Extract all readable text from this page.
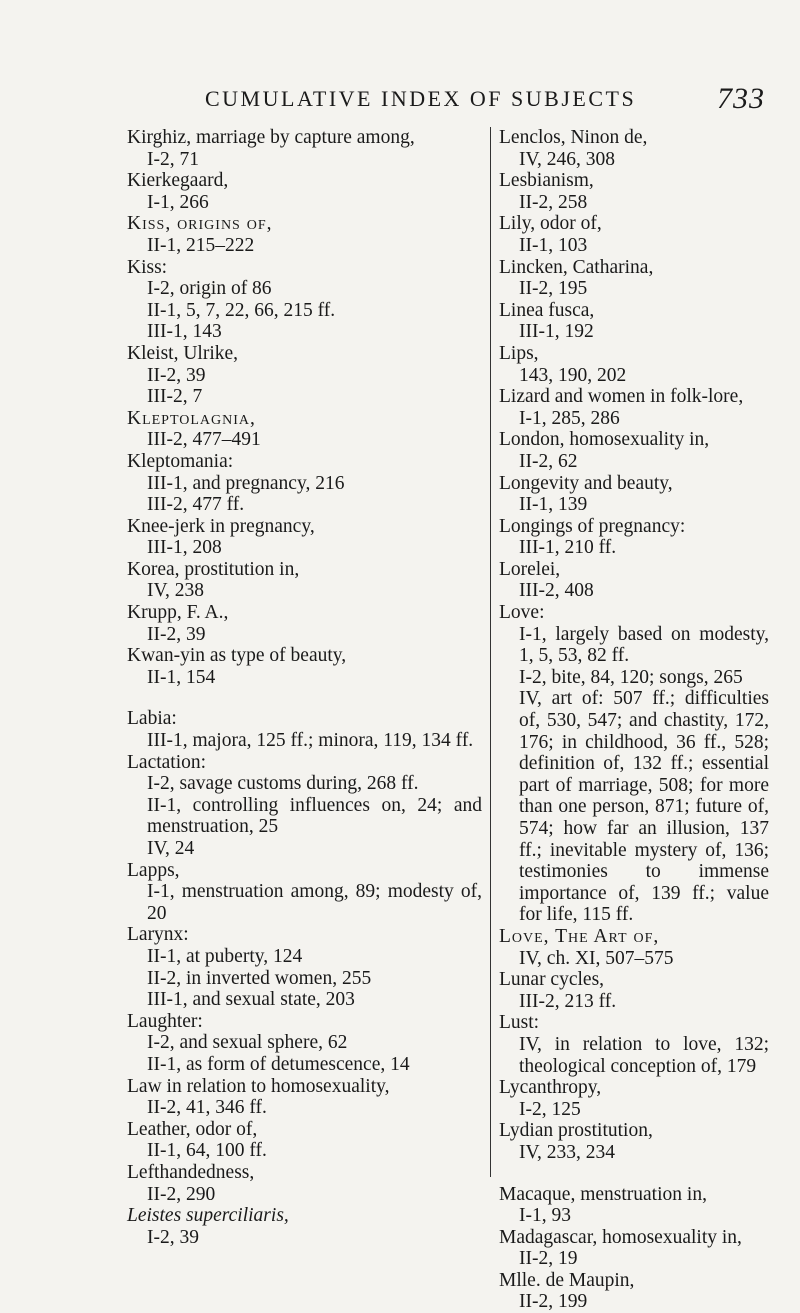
CUMULATIVE INDEX OF SUBJECTS	733
Kirghiz, marriage by capture among,
I-2, 71
Kierkegaard,
I-1, 266
Kiss, origins of,
II-1, 215–222
Kiss:
I-2, origin of 86
II-1, 5, 7, 22, 66, 215 ff.
III-1, 143
Kleist, Ulrike,
II-2, 39
III-2, 7
Kleptolagnia,
III-2, 477–491
Kleptomania:
III-1, and pregnancy, 216
III-2, 477 ff.
Knee-jerk in pregnancy,
III-1, 208
Korea, prostitution in,
IV, 238
Krupp, F. A.,
II-2, 39
Kwan-yin as type of beauty,
II-1, 154
Labia:
III-1, majora, 125 ff.; minora, 119, 134 ff.
Lactation:
I-2, savage customs during, 268 ff.
II-1, controlling influences on, 24; and menstruation, 25
IV, 24
Lapps,
I-1, menstruation among, 89; modesty of, 20
Larynx:
II-1, at puberty, 124
II-2, in inverted women, 255
III-1, and sexual state, 203
Laughter:
I-2, and sexual sphere, 62
II-1, as form of detumescence, 14
Law in relation to homosexuality,
II-2, 41, 346 ff.
Leather, odor of,
II-1, 64, 100 ff.
Lefthandedness,
II-2, 290
Leistes superciliaris,
I-2, 39
Lenclos, Ninon de,
IV, 246, 308
Lesbianism,
II-2, 258
Lily, odor of,
II-1, 103
Lincken, Catharina,
II-2, 195
Linea fusca,
III-1, 192
Lips,
143, 190, 202
Lizard and women in folk-lore,
I-1, 285, 286
London, homosexuality in,
II-2, 62
Longevity and beauty,
II-1, 139
Longings of pregnancy:
III-1, 210 ff.
Lorelei,
III-2, 408
Love:
I-1, largely based on modesty, 1, 5, 53, 82 ff.
I-2, bite, 84, 120; songs, 265
IV, art of: 507 ff.; difficulties of, 530, 547; and chastity, 172, 176; in childhood, 36 ff., 528; definition of, 132 ff.; essential part of marriage, 508; for more than one person, 871; future of, 574; how far an illusion, 137 ff.; inevitable mystery of, 136; testimonies to immense importance of, 139 ff.; value for life, 115 ff.
Love, The Art of,
IV, ch. XI, 507–575
Lunar cycles,
III-2, 213 ff.
Lust:
IV, in relation to love, 132; theological conception of, 179
Lycanthropy,
I-2, 125
Lydian prostitution,
IV, 233, 234
Macaque, menstruation in,
I-1, 93
Madagascar, homosexuality in,
II-2, 19
Mlle. de Maupin,
II-2, 199
